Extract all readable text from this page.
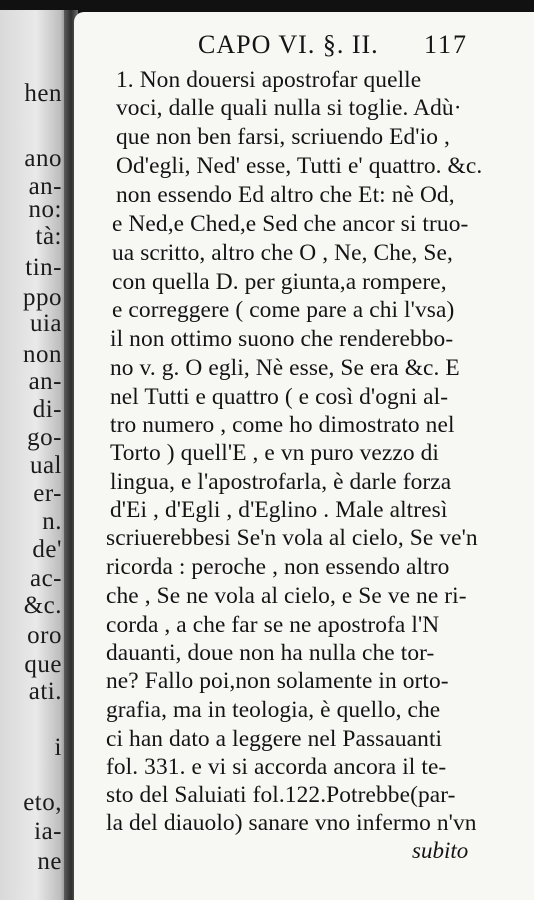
hen
ano
an-
no:
tà:
tin-
ppo
uia
non
an-
di-
go-
ual
er-
n.
de'
ac-
&c.
oro
que
ati.
i
eto,
ia-
ne
CAPO VI. §. II. 117
1. Non douersi apostrofar quelle
voci, dalle quali nulla si toglie. Adù·
que non ben farsi, scriuendo Ed'io ,
Od'egli, Ned' esse, Tutti e' quattro. &c.
non essendo Ed altro che Et: nè Od,
e Ned,e Ched,e Sed che ancor si truo-
ua scritto, altro che O , Ne, Che, Se,
con quella D. per giunta,a rompere,
e correggere ( come pare a chi l'vsa)
il non ottimo suono che renderebbo-
no v. g. O egli, Nè esse, Se era &c. E
nel Tutti e quattro ( e così d'ogni al-
tro numero , come ho dimostrato nel
Torto ) quell'E , e vn puro vezzo di
lingua, e l'apostrofarla, è darle forza
d'Ei , d'Egli , d'Eglino . Male altresì
scriuerebbesi Se'n vola al cielo, Se ve'n
ricorda : peroche , non essendo altro
che , Se ne vola al cielo, e Se ve ne ri-
corda , a che far se ne apostrofa l'N
dauanti, doue non ha nulla che tor-
ne? Fallo poi,non solamente in orto-
grafia, ma in teologia, è quello, che
ci han dato a leggere nel Passauanti
fol. 331. e vi si accorda ancora il te-
sto del Saluiati fol.122.Potrebbe(par-
la del diauolo) sanare vno infermo n'vn
subito
